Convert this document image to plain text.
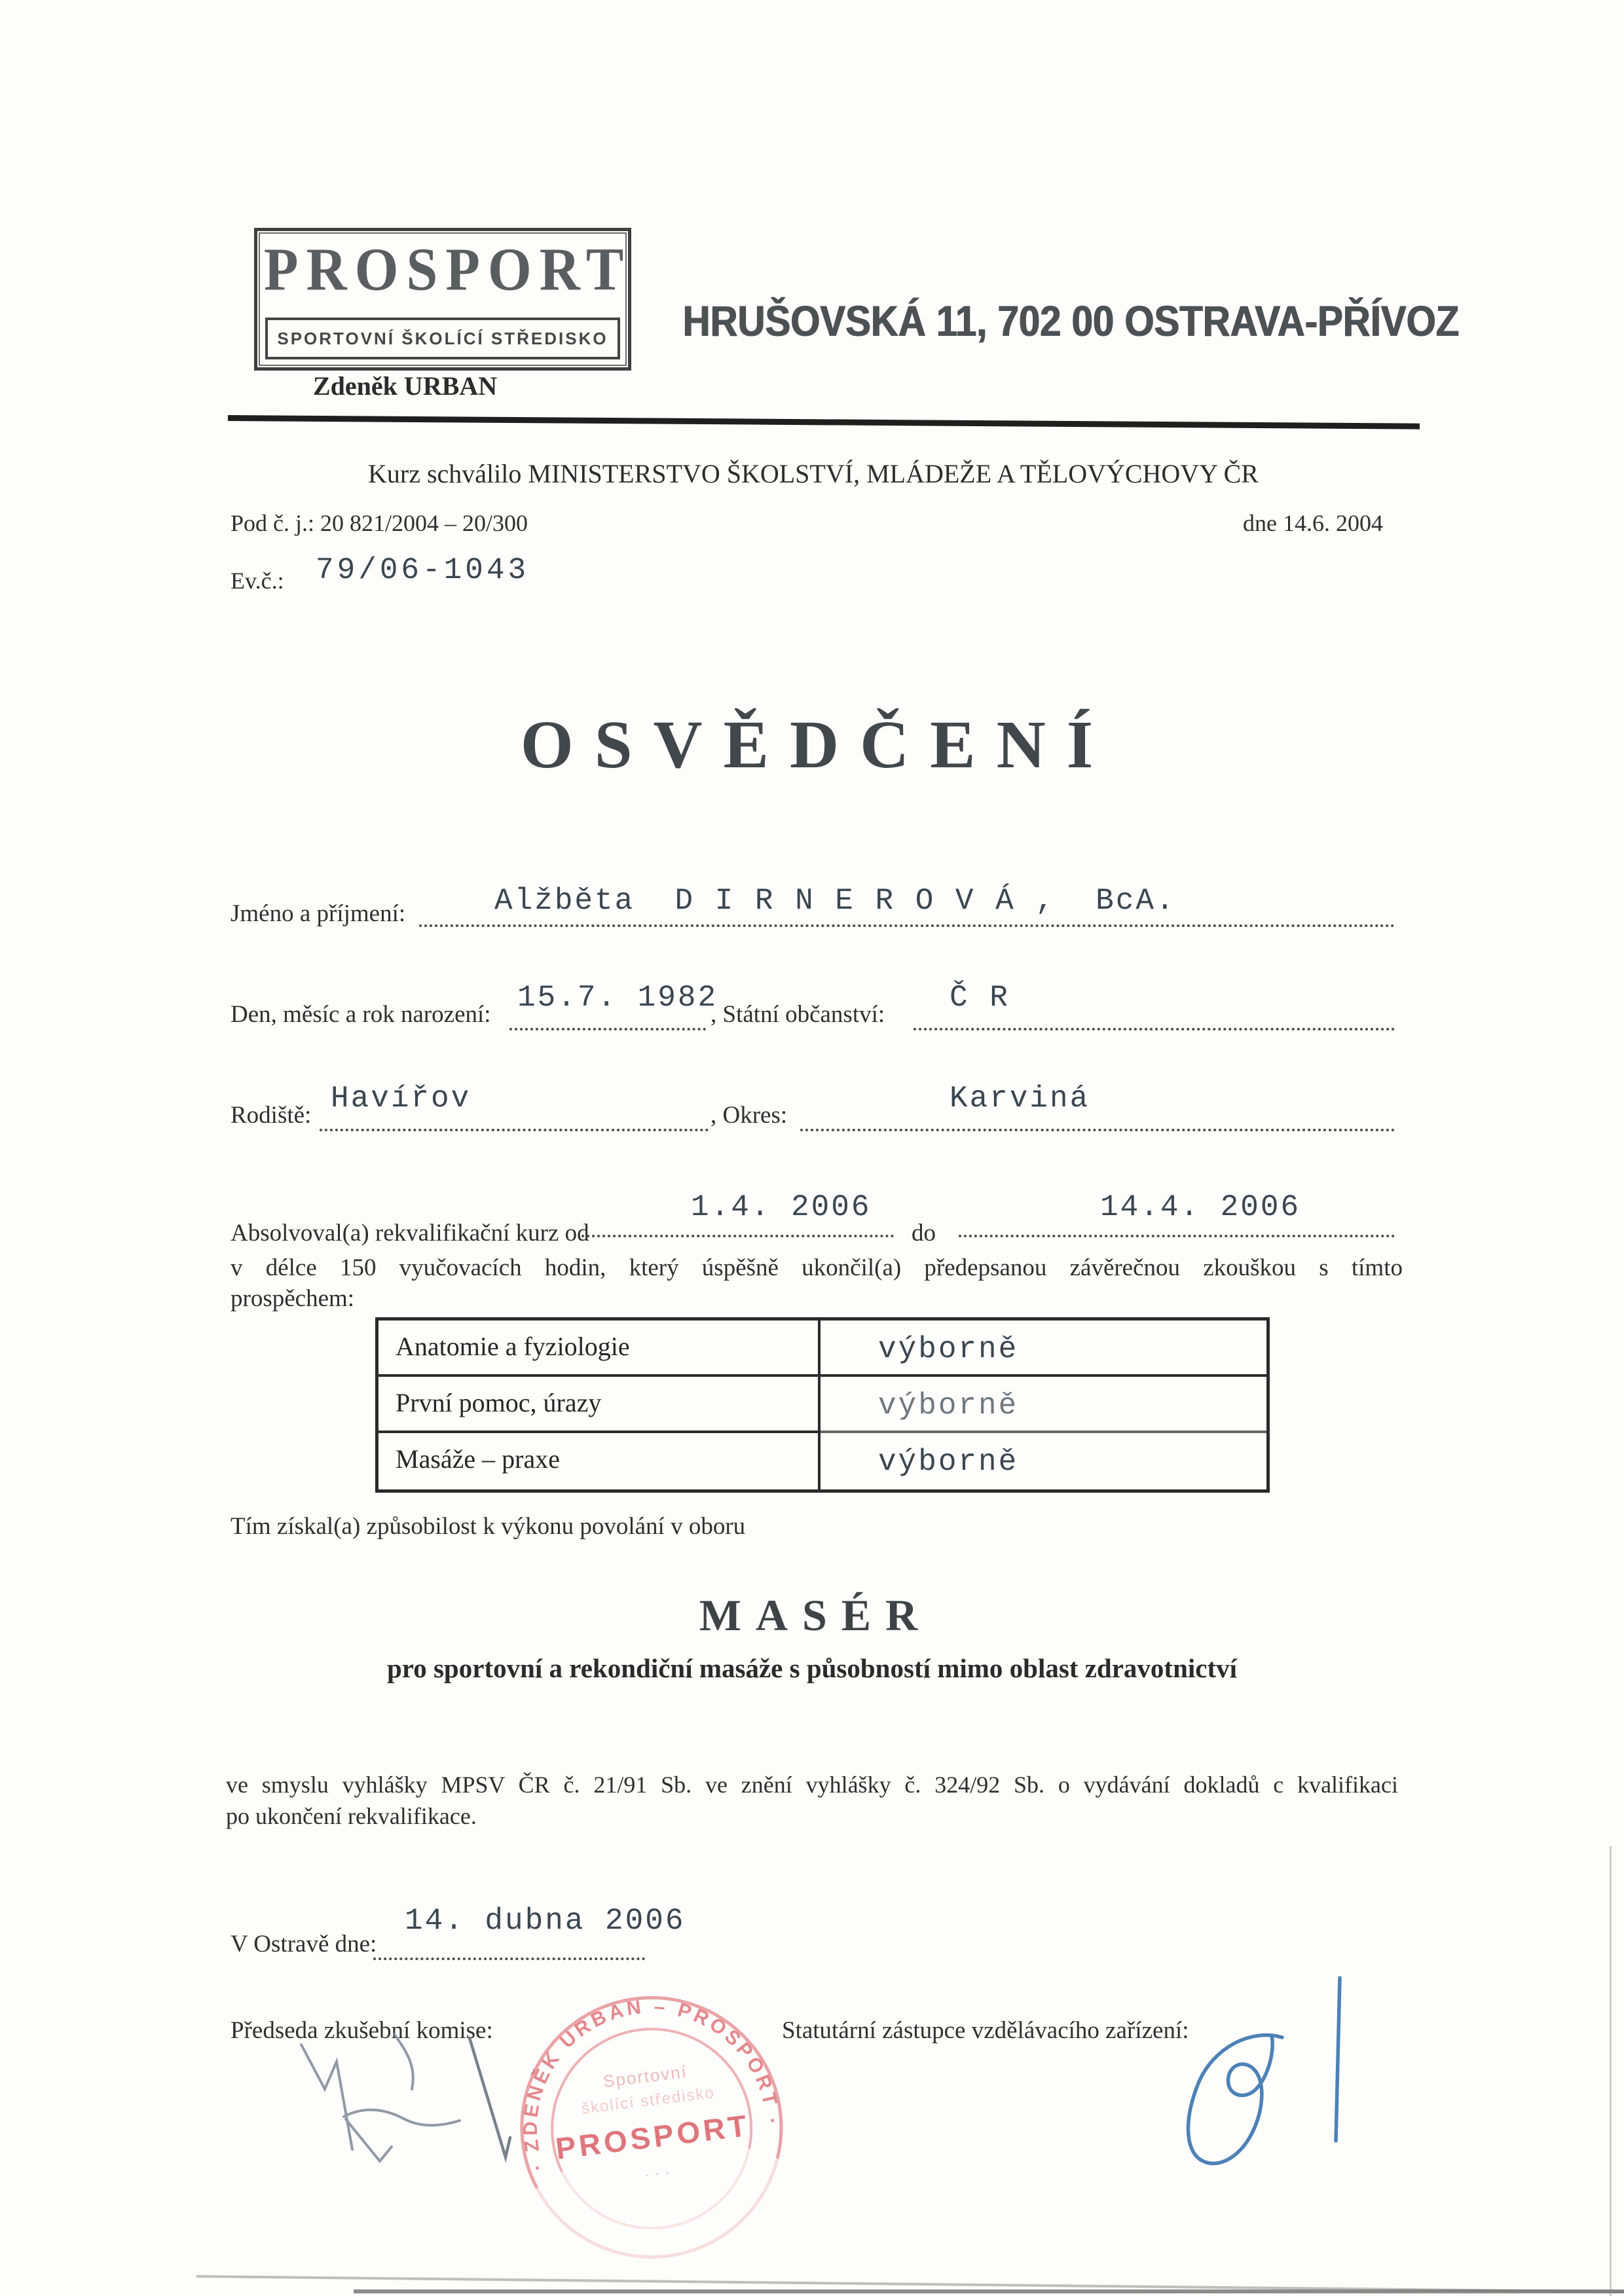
PROSPORT
SPORTOVNÍ ŠKOLÍCÍ STŘEDISKO HRUŠOVSKÁ 11, 702 00 OSTRAVA-PŘÍVOZ
Zdeněk URBAN
Kurz schválilo MINISTERSTVO ŠKOLSTVÍ, MLÁDEŽE A TĚLOVÝCHOVY ČR
Pod č. j.: 20 821/2004 – 20/300	dne 14.6. 2004
Ev.č.: 79/06-1043
OSVĚDČENÍ
Jméno a příjmení:	Alžběta  D I R N E R O V Á ,  BcA.
Den, měsíc a rok narození: 15.7. 1982
, Státní občanství: Č R
Rodiště: Havířov	, Okres:	Karviná
Absolvoval(a) rekvalifikační kurz od
1.4. 2006
do
14.4. 2006
v délce 150 vyučovacích hodin, který úspěšně ukončil(a) předepsanou závěrečnou zkouškou s tímto
prospěchem:
Anatomie a fyziologie	výborně
První pomoc, úrazy	výborně
Masáže – praxe	výborně
Tím získal(a) způsobilost k výkonu povolání v oboru
MASÉR
pro sportovní a rekondiční masáže s působností mimo oblast zdravotnictví
ve smyslu vyhlášky MPSV ČR č. 21/91 Sb. ve znění vyhlášky č. 324/92 Sb. o vydávání dokladů c kvalifikaci
po ukončení rekvalifikace.
V Ostravě dne:
14. dubna 2006
Předseda zkušební komise:	Statutární zástupce vzdělávacího zařízení:
· ZDENĚK URBAN – PROSPORT ·
Sportovní
školící středisko
PROSPORT
· · ·
